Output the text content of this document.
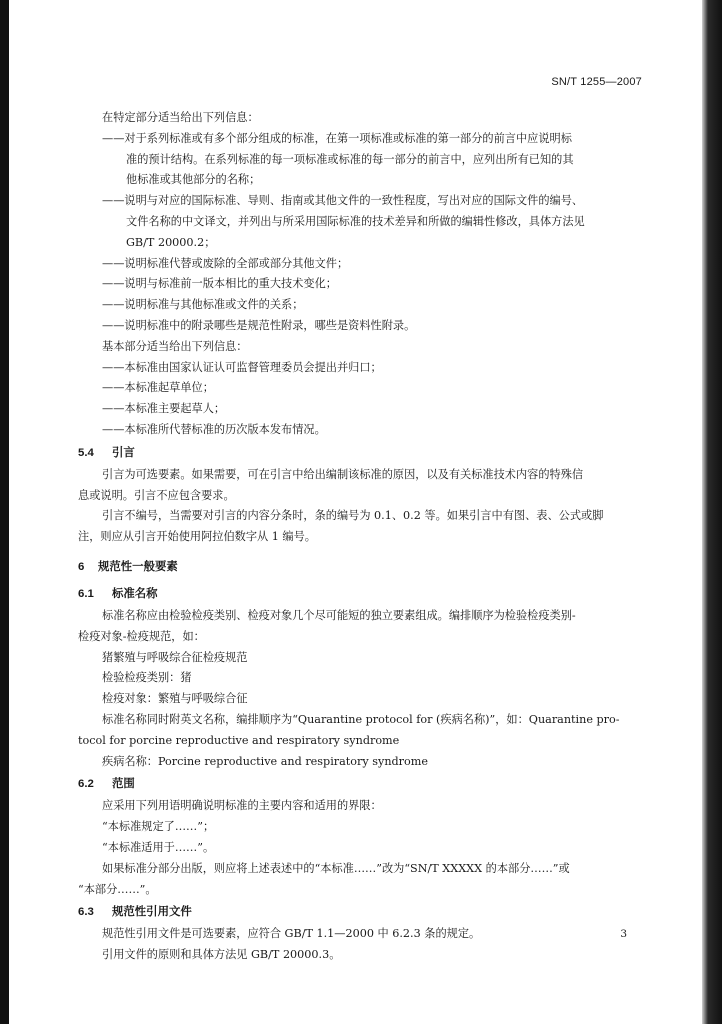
SN/T 1255—2007
在特定部分适当给出下列信息：
——对于系列标准或有多个部分组成的标准，在第一项标准或标准的第一部分的前言中应说明标
准的预计结构。在系列标准的每一项标准或标准的每一部分的前言中，应列出所有已知的其
他标准或其他部分的名称；
——说明与对应的国际标准、导则、指南或其他文件的一致性程度，写出对应的国际文件的编号、
文件名称的中文译文，并列出与所采用国际标准的技术差异和所做的编辑性修改，具体方法见
GB/T 20000.2；
——说明标准代替或废除的全部或部分其他文件；
——说明与标准前一版本相比的重大技术变化；
——说明标准与其他标准或文件的关系；
——说明标准中的附录哪些是规范性附录，哪些是资料性附录。
基本部分适当给出下列信息：
——本标准由国家认证认可监督管理委员会提出并归口；
——本标准起草单位；
——本标准主要起草人；
——本标准所代替标准的历次版本发布情况。
5.4 引言
引言为可选要素。如果需要，可在引言中给出编制该标准的原因，以及有关标准技术内容的特殊信
息或说明。引言不应包含要求。
引言不编号，当需要对引言的内容分条时，条的编号为 0.1、0.2 等。如果引言中有图、表、公式或脚
注，则应从引言开始使用阿拉伯数字从 1 编号。
6 规范性一般要素
6.1 标准名称
标准名称应由检验检疫类别、检疫对象几个尽可能短的独立要素组成。编排顺序为检验检疫类别-
检疫对象-检疫规范，如：
猪繁殖与呼吸综合征检疫规范
检验检疫类别：猪
检疫对象：繁殖与呼吸综合征
标准名称同时附英文名称，编排顺序为“Quarantine protocol for (疾病名称)”，如：Quarantine pro-
tocol for porcine reproductive and respiratory syndrome
疾病名称：Porcine reproductive and respiratory syndrome
6.2 范围
应采用下列用语明确说明标准的主要内容和适用的界限：
“本标准规定了……”；
“本标准适用于……”。
如果标准分部分出版，则应将上述表述中的“本标准……”改为“SN/T XXXXX 的本部分……”或
“本部分……”。
6.3 规范性引用文件
规范性引用文件是可选要素，应符合 GB/T 1.1—2000 中 6.2.3 条的规定。
引用文件的原则和具体方法见 GB/T 20000.3。
3
